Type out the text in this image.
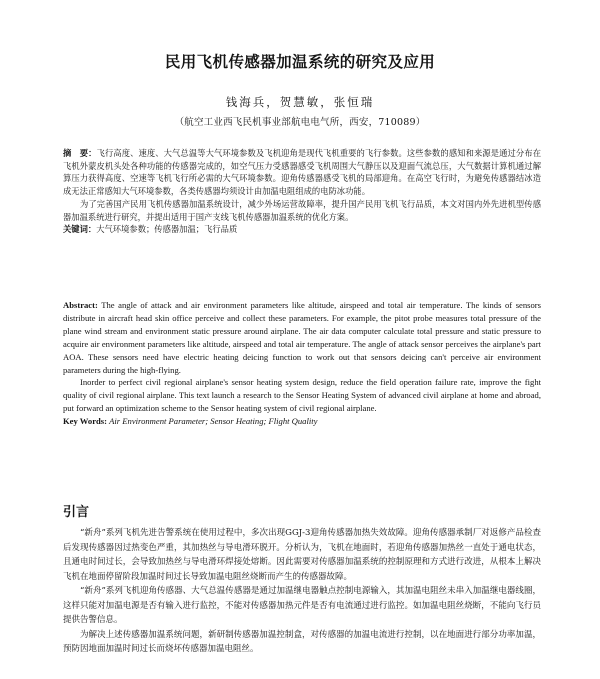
民用飞机传感器加温系统的研究及应用
钱海兵，贺慧敏，张恒瑞
（航空工业西飞民机事业部航电电气所，西安，710089）

摘　要：飞行高度、速度、大气总温等大气环境参数及飞机迎角是现代飞机重要的飞行参数。这些参数的感知和来源是通过分布在飞机外蒙皮机头处各种功能的传感器完成的，如空气压力受感器感受飞机周围大气静压以及迎面气流总压，大气数据计算机通过解算压力获得高度、空速等飞机飞行所必需的大气环境参数。迎角传感器感受飞机的局部迎角。在高空飞行时，为避免传感器结冰造成无法正常感知大气环境参数，各类传感器均须设计由加温电阻组成的电防冰功能。

为了完善国产民用飞机传感器加温系统设计，减少外场运营故障率，提升国产民用飞机飞行品质，本文对国内外先进机型传感器加温系统进行研究，并提出适用于国产支线飞机传感器加温系统的优化方案。

关键词：大气环境参数；传感器加温；飞行品质

Abstract: The angle of attack and air environment parameters like altitude, airspeed and total air temperature. The kinds of sensors distribute in aircraft head skin office perceive and collect these parameters. For example, the pitot probe measures total pressure of the plane wind stream and environment static pressure around airplane. The air data computer calculate total pressure and static pressure to acquire air environment parameters like altitude, airspeed and total air temperature. The angle of attack sensor perceives the airplane's part AOA. These sensors need have electric heating deicing function to work out that sensors deicing can't perceive air environment parameters during the high-flying.

Inorder to perfect civil regional airplane's sensor heating system design, reduce the field operation failure rate, improve the fight quality of civil regional airplane. This text launch a research to the Sensor Heating System of advanced civil airplane at home and abroad, put forward an optimization scheme to the Sensor heating system of civil regional airplane.

Key Words: Air Environment Parameter; Sensor Heating; Flight Quality

引言

“新舟”系列飞机先进告警系统在使用过程中，多次出现GGJ-3迎角传感器加热失效故障。迎角传感器承制厂对返修产品检查后发现传感器因过热变色严重，其加热丝与导电滑环脱开。分析认为，飞机在地面时，若迎角传感器加热丝一直处于通电状态，且通电时间过长，会导致加热丝与导电滑环焊接处熔断。因此需要对传感器加温系统的控制原理和方式进行改进，从根本上解决飞机在地面停留阶段加温时间过长导致加温电阻丝烧断而产生的传感器故障。

“新舟”系列飞机迎角传感器、大气总温传感器是通过加温继电器触点控制电源输入，其加温电阻丝未串入加温继电器线圈，这样只能对加温电源是否有输入进行监控，不能对传感器加热元件是否有电流通过进行监控。如加温电阻丝烧断，不能向飞行员提供告警信息。

为解决上述传感器加温系统问题，新研制传感器加温控制盒，对传感器的加温电流进行控制，以在地面进行部分功率加温，预防因地面加温时间过长而烧坏传感器加温电阻丝。
